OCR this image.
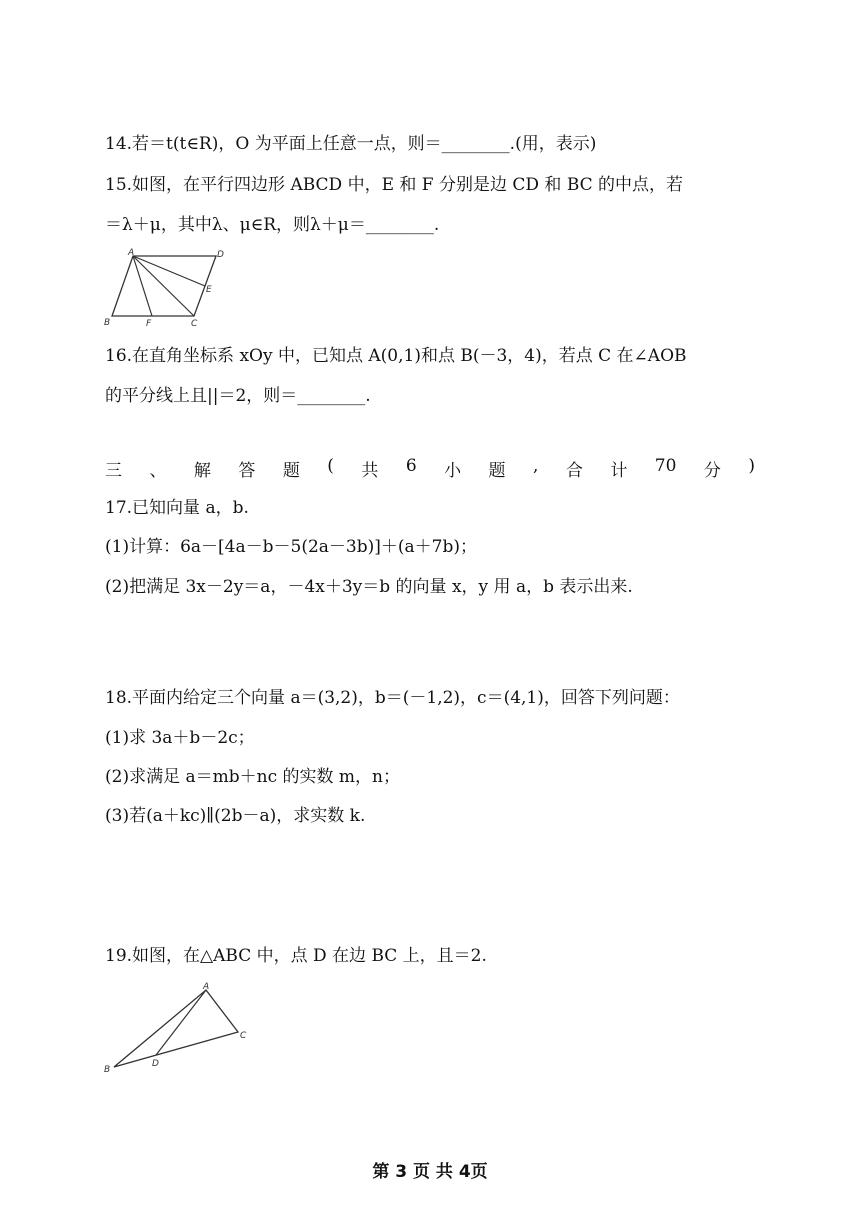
14.若＝t(t∈R)，O 为平面上任意一点，则＝________.(用，表示)
15.如图，在平行四边形 ABCD 中，E 和 F 分别是边 CD 和 BC 的中点，若
＝λ＋μ，其中λ、μ∈R，则λ＋μ＝________.
A	D
E
B	F	C
16.在直角坐标系 xOy 中，已知点 A(0,1)和点 B(－3，4)，若点 C 在∠AOB
的平分线上且||＝2，则＝________.
三 、 解 答 题 ( 共 6 小 题 , 合 计 70 分 )
17.已知向量 a，b.
(1)计算：6a－[4a－b－5(2a－3b)]＋(a＋7b)；
(2)把满足 3x－2y＝a，－4x＋3y＝b 的向量 x，y 用 a，b 表示出来.
18.平面内给定三个向量 a＝(3,2)，b＝(－1,2)，c＝(4,1)，回答下列问题：
(1)求 3a＋b－2c；
(2)求满足 a＝mb＋nc 的实数 m，n；
(3)若(a＋kc)∥(2b－a)，求实数 k.
19.如图，在△ABC 中，点 D 在边 BC 上，且＝2.
A
C
D
B
第 3 页 共 4页
